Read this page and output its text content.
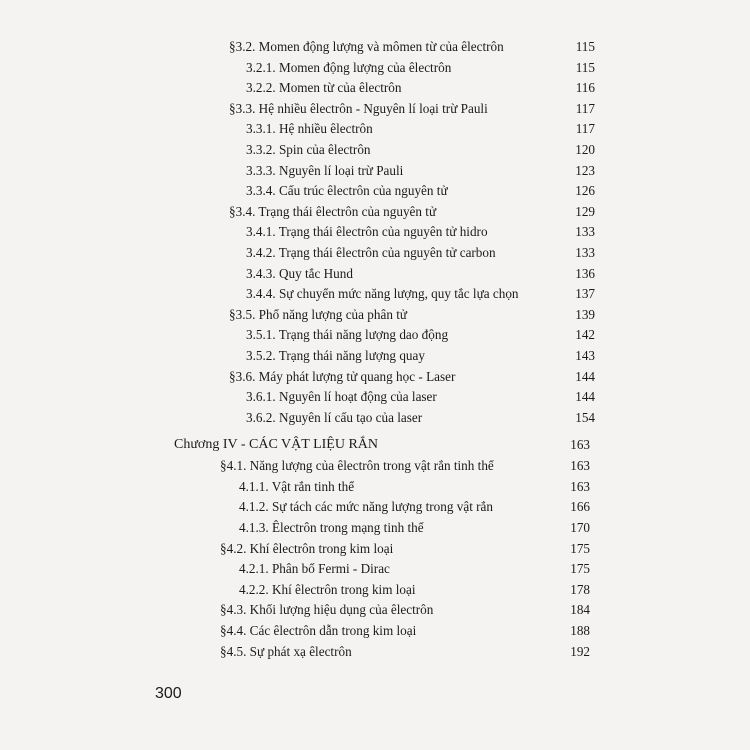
§3.2. Momen động lượng và mômen từ của êlectrôn	115
3.2.1. Momen động lượng của êlectrôn	115
3.2.2. Momen từ của êlectrôn	116
§3.3. Hệ nhiều êlectrôn - Nguyên lí loại trừ Pauli	117
3.3.1. Hệ nhiều êlectrôn	117
3.3.2. Spin của êlectrôn	120
3.3.3. Nguyên lí loại trừ Pauli	123
3.3.4. Cấu trúc êlectrôn của nguyên tử	126
§3.4. Trạng thái êlectrôn của nguyên tử	129
3.4.1. Trạng thái êlectrôn của nguyên tử hidro	133
3.4.2. Trạng thái êlectrôn của nguyên tử carbon	133
3.4.3. Quy tắc Hund	136
3.4.4. Sự chuyển mức năng lượng, quy tắc lựa chọn	137
§3.5. Phổ năng lượng của phân tử	139
3.5.1. Trạng thái năng lượng dao động	142
3.5.2. Trạng thái năng lượng quay	143
§3.6. Máy phát lượng tử quang học - Laser	144
3.6.1. Nguyên lí hoạt động của laser	144
3.6.2. Nguyên lí cấu tạo của laser	154
Chương IV - CÁC VẬT LIỆU RẮN	163
§4.1. Năng lượng của êlectrôn trong vật rắn tinh thể	163
4.1.1. Vật rắn tinh thể	163
4.1.2. Sự tách các mức năng lượng trong vật rắn	166
4.1.3. Êlectrôn trong mạng tinh thể	170
§4.2. Khí êlectrôn trong kim loại	175
4.2.1. Phân bố Fermi - Dirac	175
4.2.2. Khí êlectrôn trong kim loại	178
§4.3. Khối lượng hiệu dụng của êlectrôn	184
§4.4. Các êlectrôn dẫn trong kim loại	188
§4.5. Sự phát xạ êlectrôn	192
300
